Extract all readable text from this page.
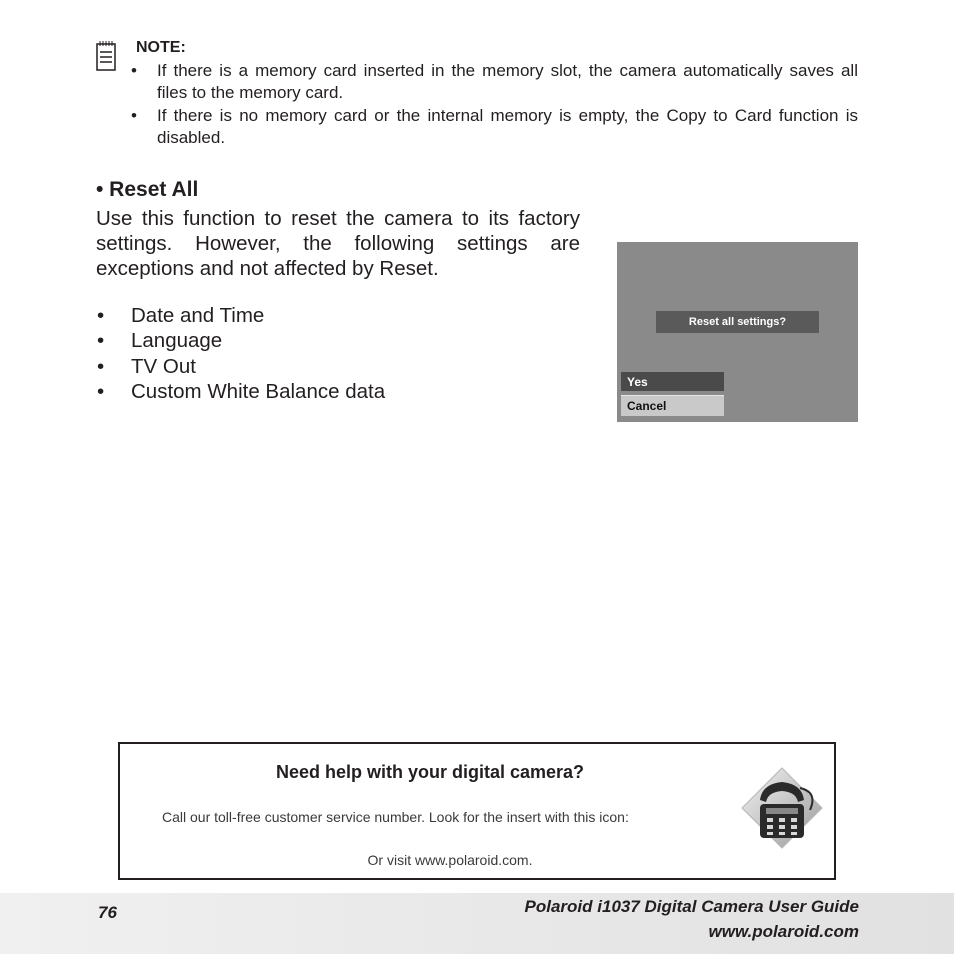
NOTE:
• If there is a memory card inserted in the memory slot, the camera automatically saves all files to the memory card.
• If there is no memory card or the internal memory is empty, the Copy to Card function is disabled.
• Reset All
Use this function to reset the camera to its factory settings. However, the following settings are exceptions and not affected by Reset.
• Date and Time
• Language
• TV Out
• Custom White Balance data
Reset all settings?
Yes
Cancel
Need help with your digital camera?
Call our toll-free customer service number. Look for the insert with this icon:
Or visit www.polaroid.com.
76	Polaroid i1037 Digital Camera User Guide
www.polaroid.com
